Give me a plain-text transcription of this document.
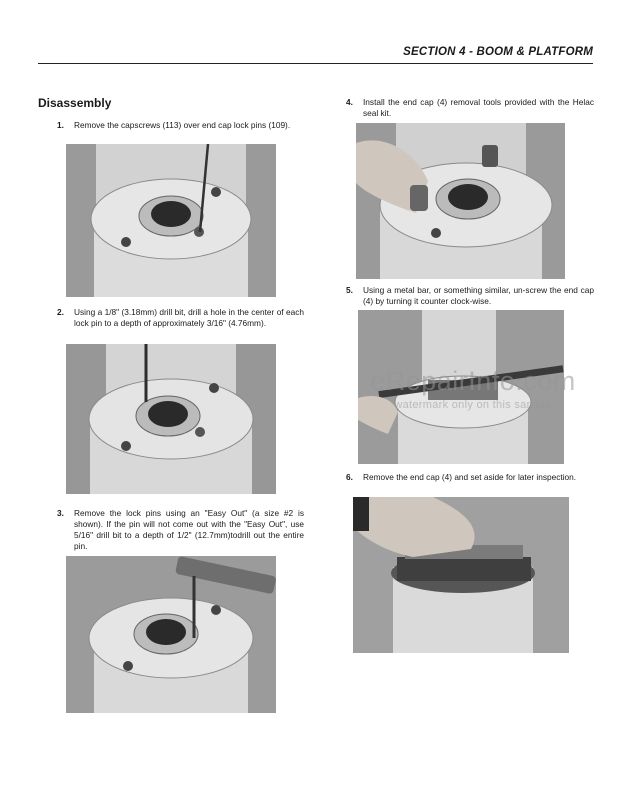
SECTION 4 - BOOM & PLATFORM
Disassembly
1. Remove the capscrews (113) over end cap lock pins (109).
2. Using a 1/8" (3.18mm) drill bit, drill a hole in the center of each lock pin to a depth of approximately 3/16" (4.76mm).
3. Remove the lock pins using an "Easy Out" (a size #2 is shown). If the pin will not come out with the "Easy Out", use 5/16" drill bit to a depth of 1/2" (12.7mm)todrill out the entire pin.
4. Install the end cap (4) removal tools provided with the Helac seal kit.
5. Using a metal bar, or something similar, un-screw the end cap (4) by turning it counter clock-wise.
6. Remove the end cap (4) and set aside for later inspection.
eRepairInfo.com
watermark only on this sample
